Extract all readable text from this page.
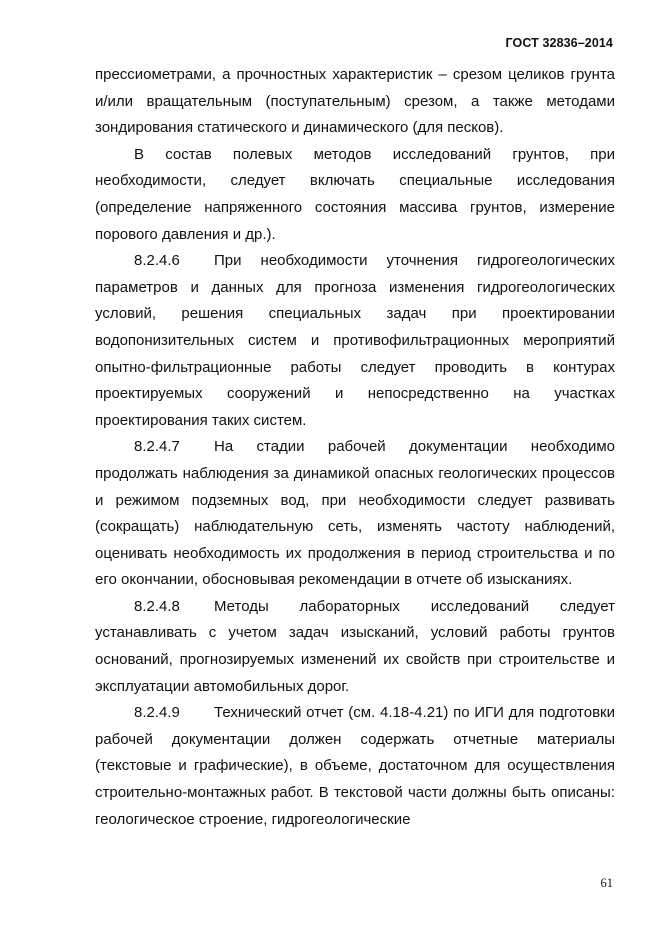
ГОСТ 32836–2014

прессиометрами, а прочностных характеристик – срезом целиков грунта и/или вращательным (поступательным) срезом, а также методами зондирования статического и динамического (для песков).

В состав полевых методов исследований грунтов, при необходимости, следует включать специальные исследования (определение напряженного состояния массива грунтов, измерение порового давления и др.).

8.2.4.6 При необходимости уточнения гидрогеологических параметров и данных для прогноза изменения гидрогеологических условий, решения специальных задач при проектировании водопонизительных систем и противофильтрационных мероприятий опытно-фильтрационные работы следует проводить в контурах проектируемых сооружений и непосредственно на участках проектирования таких систем.

8.2.4.7 На стадии рабочей документации необходимо продолжать наблюдения за динамикой опасных геологических процессов и режимом подземных вод, при необходимости следует развивать (сокращать) наблюдательную сеть, изменять частоту наблюдений, оценивать необходимость их продолжения в период строительства и по его окончании, обосновывая рекомендации в отчете об изысканиях.

8.2.4.8 Методы лабораторных исследований следует устанавливать с учетом задач изысканий, условий работы грунтов оснований, прогнозируемых изменений их свойств при строительстве и эксплуатации автомобильных дорог.

8.2.4.9 Технический отчет (см. 4.18-4.21) по ИГИ для подготовки рабочей документации должен содержать отчетные материалы (текстовые и графические), в объеме, достаточном для осуществления строительно-монтажных работ. В текстовой части должны быть описаны: геологическое строение, гидрогеологические

61
